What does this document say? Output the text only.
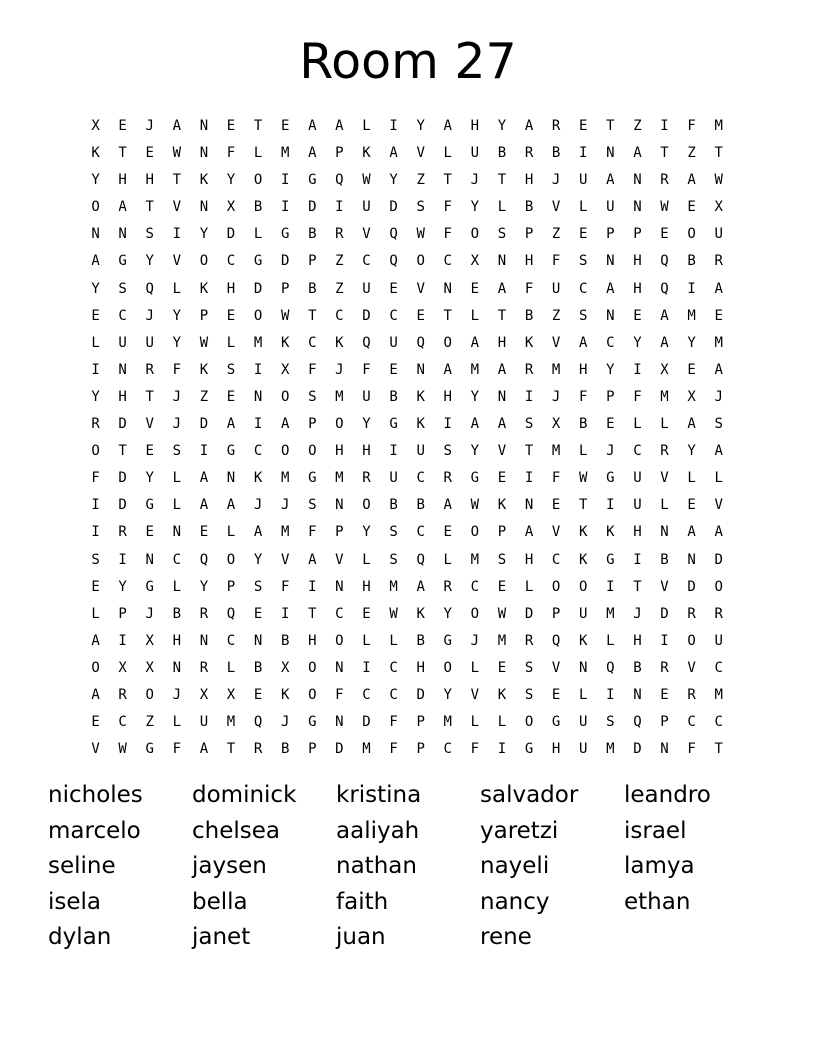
Room 27
X E J A N E T E A A L I Y A H Y A R E T Z I F M
K T E W N F L M A P K A V L U B R B I N A T Z T
Y H H T K Y O I G Q W Y Z T J T H J U A N R A W
O A T V N X B I D I U D S F Y L B V L U N W E X
N N S I Y D L G B R V Q W F O S P Z E P P E O U
A G Y V O C G D P Z C Q O C X N H F S N H Q B R
Y S Q L K H D P B Z U E V N E A F U C A H Q I A
E C J Y P E O W T C D C E T L T B Z S N E A M E
L U U Y W L M K C K Q U Q O A H K V A C Y A Y M
I N R F K S I X F J F E N A M A R M H Y I X E A
Y H T J Z E N O S M U B K H Y N I J F P F M X J
R D V J D A I A P O Y G K I A A S X B E L L A S
O T E S I G C O O H H I U S Y V T M L J C R Y A
F D Y L A N K M G M R U C R G E I F W G U V L L
I D G L A A J J S N O B B A W K N E T I U L E V
I R E N E L A M F P Y S C E O P A V K K H N A A
S I N C Q O Y V A V L S Q L M S H C K G I B N D
E Y G L Y P S F I N H M A R C E L O O I T V D O
L P J B R Q E I T C E W K Y O W D P U M J D R R
A I X H N C N B H O L L B G J M R Q K L H I O U
O X X N R L B X O N I C H O L E S V N Q B R V C
A R O J X X E K O F C C D Y V K S E L I N E R M
E C Z L U M Q J G N D F P M L L O G U S Q P C C
V W G F A T R B P D M F P C F I G H U M D N F T
nicholes dominick kristina	salvador leandro
marcelo chelsea aaliyah	yaretzi	israel
seline	jaysen	nathan	nayeli	lamya
isela	bella	faith	nancy	ethan
dylan	janet	juan	rene
